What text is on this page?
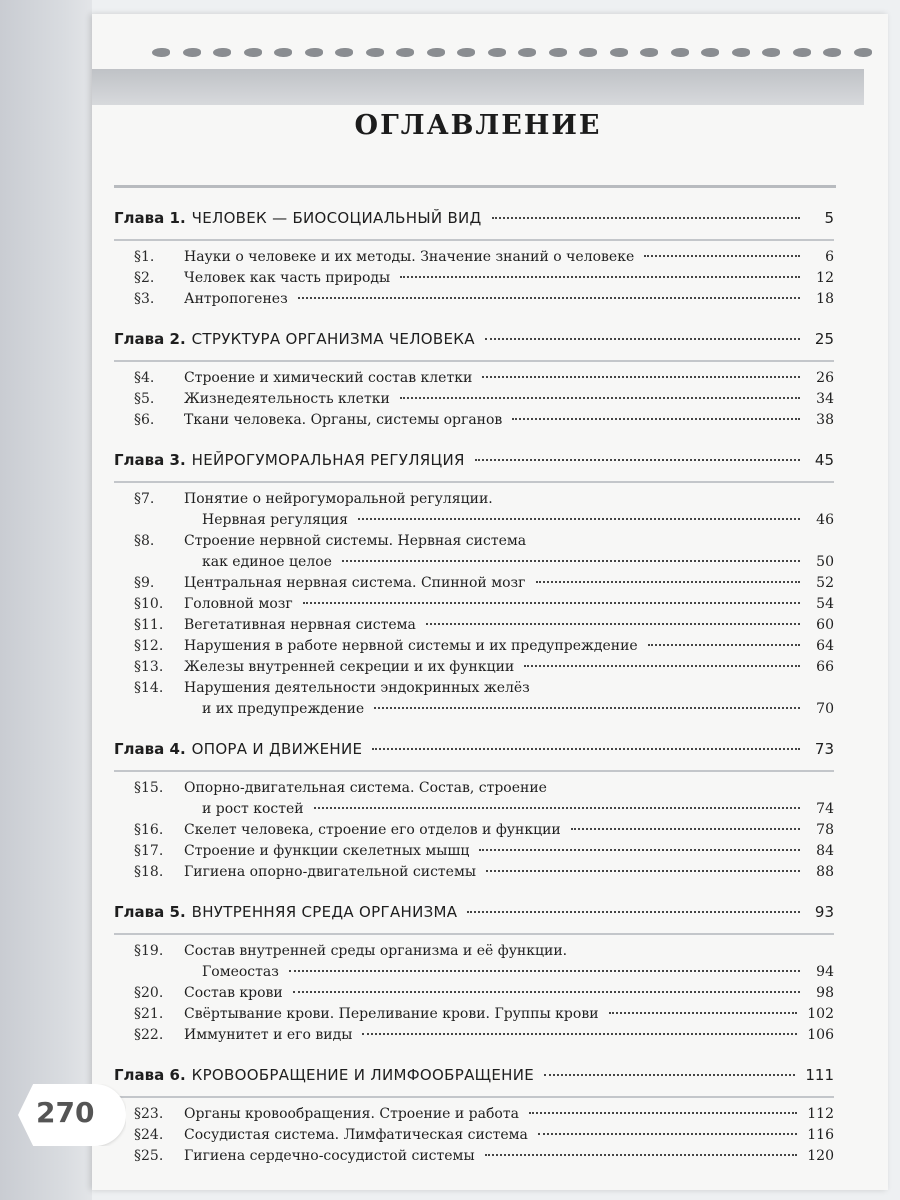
ОГЛАВЛЕНИЕ
Глава 1. ЧЕЛОВЕК — БИОСОЦИАЛЬНЫЙ ВИД	5
§1.	Науки о человеке и их методы. Значение знаний о человеке	6
§2.	Человек как часть природы	12
§3.	Антропогенез	18
Глава 2. СТРУКТУРА ОРГАНИЗМА ЧЕЛОВЕКА	25
§4.	Строение и химический состав клетки	26
§5.	Жизнедеятельность клетки	34
§6.	Ткани человека. Органы, системы органов	38
Глава 3. НЕЙРОГУМОРАЛЬНАЯ РЕГУЛЯЦИЯ	45
§7.	Понятие о нейрогуморальной регуляции.
Нервная регуляция	46
§8.	Строение нервной системы. Нервная система
как единое целое	50
§9.	Центральная нервная система. Спинной мозг	52
§10.	Головной мозг	54
§11.	Вегетативная нервная система	60
§12.	Нарушения в работе нервной системы и их предупреждение	64
§13.	Железы внутренней секреции и их функции	66
§14.	Нарушения деятельности эндокринных желёз
и их предупреждение	70
Глава 4. ОПОРА И ДВИЖЕНИЕ	73
§15.	Опорно-двигательная система. Состав, строение
и рост костей	74
§16.	Скелет человека, строение его отделов и функции	78
§17.	Строение и функции скелетных мышц	84
§18.	Гигиена опорно-двигательной системы	88
Глава 5. ВНУТРЕННЯЯ СРЕДА ОРГАНИЗМА	93
§19.	Состав внутренней среды организма и её функции.
Гомеостаз	94
§20.	Состав крови	98
§21.	Свёртывание крови. Переливание крови. Группы крови	102
§22.	Иммунитет и его виды	106
Глава 6. КРОВООБРАЩЕНИЕ И ЛИМФООБРАЩЕНИЕ	111
§23.	Органы кровообращения. Строение и работа	112
§24.	Сосудистая система. Лимфатическая система	116
§25.	Гигиена сердечно-сосудистой системы	120
270
